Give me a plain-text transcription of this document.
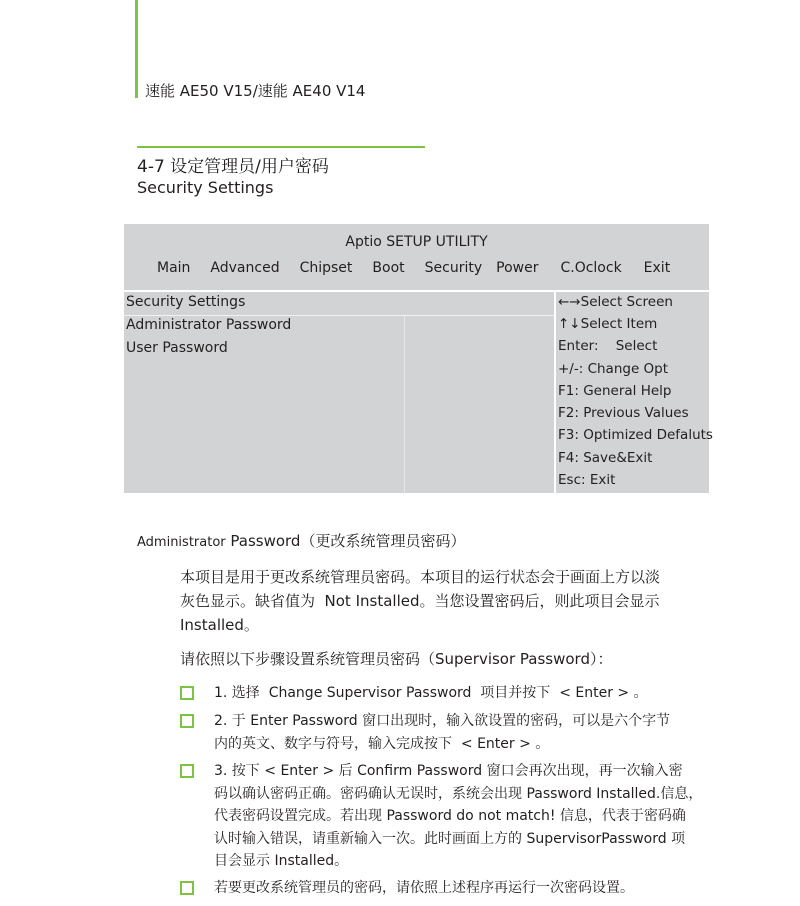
速能 AE50 V15/速能 AE40 V14
4-7 设定管理员/用户密码
Security Settings
Aptio SETUP UTILITY
Main Advanced Chipset Boot Security Power C.Oclock Exit
Security Settings
Administrator Password
User Password
←→Select Screen
↑↓Select Item
Enter:    Select
+/-: Change Opt
F1: General Help
F2: Previous Values
F3: Optimized Defaluts
F4: Save&Exit
Esc: Exit
Administrator Password（更改系统管理员密码）
本项目是用于更改系统管理员密码。本项目的运行状态会于画面上方以淡
灰色显示。缺省值为  Not Installed。当您设置密码后，则此项目会显示
Installed。
请依照以下步骤设置系统管理员密码（Supervisor Password）：
1. 选择  Change Supervisor Password  项目并按下  < Enter > 。
2. 于 Enter Password 窗口出现时，输入欲设置的密码，可以是六个字节
内的英文、数字与符号，输入完成按下  < Enter > 。
3. 按下 < Enter > 后 Confirm Password 窗口会再次出现，再一次输入密
码以确认密码正确。密码确认无误时，系统会出现 Password Installed.信息，
代表密码设置完成。若出现 Password do not match! 信息，代表于密码确
认时输入错误，请重新输入一次。此时画面上方的 SupervisorPassword 项
目会显示 Installed。
若要更改系统管理员的密码，请依照上述程序再运行一次密码设置。
